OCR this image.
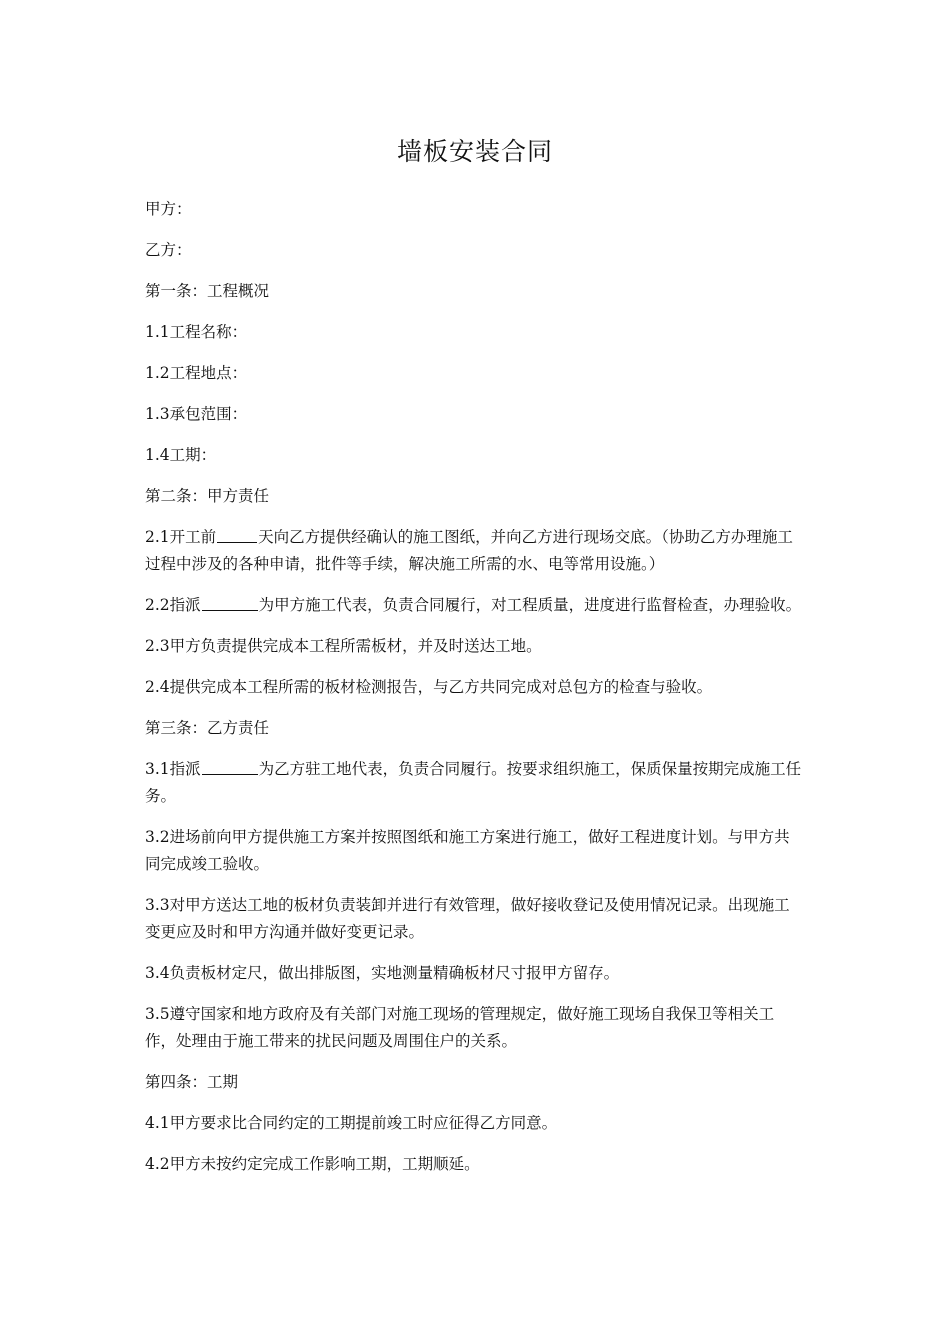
墙板安装合同

甲方：

乙方：

第一条：工程概况

1.1工程名称：

1.2工程地点：

1.3承包范围：

1.4工期：

第二条：甲方责任

2.1开工前	天向乙方提供经确认的施工图纸，并向乙方进行现场交底。（协助乙方办理施工过程中涉及的各种申请，批件等手续，解决施工所需的水、电等常用设施。）

2.2指派	为甲方施工代表，负责合同履行，对工程质量，进度进行监督检查，办理验收。

2.3甲方负责提供完成本工程所需板材，并及时送达工地。

2.4提供完成本工程所需的板材检测报告，与乙方共同完成对总包方的检查与验收。

第三条：乙方责任

3.1指派	为乙方驻工地代表，负责合同履行。按要求组织施工，保质保量按期完成施工任务。

3.2进场前向甲方提供施工方案并按照图纸和施工方案进行施工，做好工程进度计划。与甲方共同完成竣工验收。

3.3对甲方送达工地的板材负责装卸并进行有效管理，做好接收登记及使用情况记录。出现施工变更应及时和甲方沟通并做好变更记录。

3.4负责板材定尺，做出排版图，实地测量精确板材尺寸报甲方留存。

3.5遵守国家和地方政府及有关部门对施工现场的管理规定，做好施工现场自我保卫等相关工作，处理由于施工带来的扰民问题及周围住户的关系。

第四条：工期

4.1甲方要求比合同约定的工期提前竣工时应征得乙方同意。

4.2甲方未按约定完成工作影响工期，工期顺延。
